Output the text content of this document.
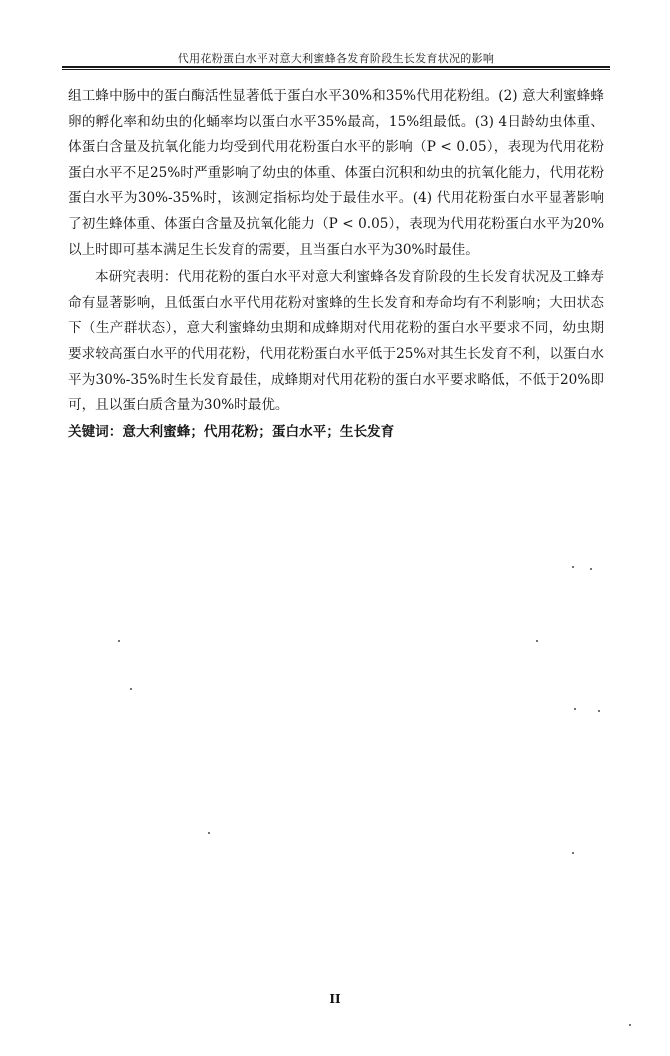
代用花粉蛋白水平对意大利蜜蜂各发育阶段生长发育状况的影响

组工蜂中肠中的蛋白酶活性显著低于蛋白水平30%和35%代用花粉组。(2) 意大利蜜蜂蜂卵的孵化率和幼虫的化蛹率均以蛋白水平35%最高，15%组最低。(3) 4日龄幼虫体重、体蛋白含量及抗氧化能力均受到代用花粉蛋白水平的影响（P < 0.05），表现为代用花粉蛋白水平不足25%时严重影响了幼虫的体重、体蛋白沉积和幼虫的抗氧化能力，代用花粉蛋白水平为30%-35%时，该测定指标均处于最佳水平。(4) 代用花粉蛋白水平显著影响了初生蜂体重、体蛋白含量及抗氧化能力（P < 0.05），表现为代用花粉蛋白水平为20%以上时即可基本满足生长发育的需要，且当蛋白水平为30%时最佳。

本研究表明：代用花粉的蛋白水平对意大利蜜蜂各发育阶段的生长发育状况及工蜂寿命有显著影响，且低蛋白水平代用花粉对蜜蜂的生长发育和寿命均有不利影响；大田状态下（生产群状态），意大利蜜蜂幼虫期和成蜂期对代用花粉的蛋白水平要求不同，幼虫期要求较高蛋白水平的代用花粉，代用花粉蛋白水平低于25%对其生长发育不利，以蛋白水平为30%-35%时生长发育最佳，成蜂期对代用花粉的蛋白水平要求略低，不低于20%即可，且以蛋白质含量为30%时最优。

关键词：意大利蜜蜂；代用花粉；蛋白水平；生长发育

II
